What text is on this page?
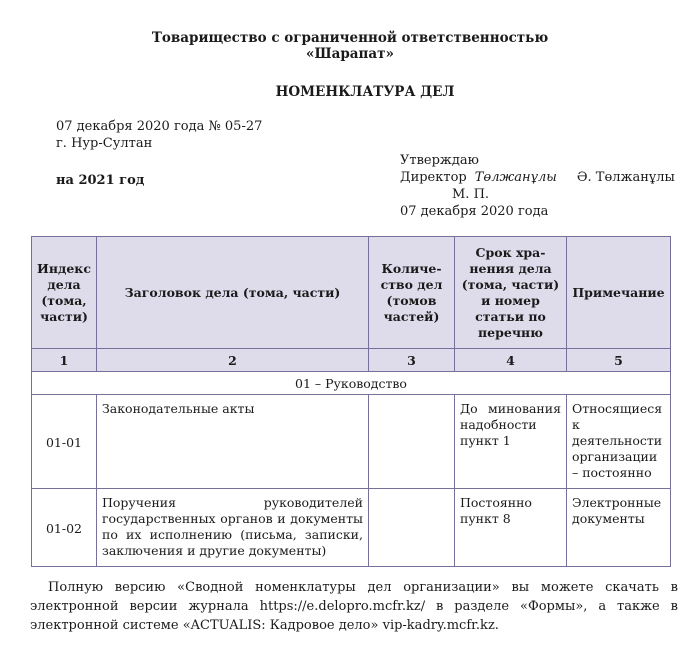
Товарищество с ограниченной ответственностью
«Шарапат»
НОМЕНКЛАТУРА ДЕЛ
07 декабря 2020 года № 05-27
г. Нур-Султан
на 2021 год
Утверждаю
Директор Төлжанұлы Ә. Төлжанұлы
М. П.
07 декабря 2020 года
Индекс дела (тома, части)	Заголовок дела (тома, части)	Количе-ство дел (томов частей)	Срок хра-нения дела (тома, части) и номер статьи по перечню	Примечание
1	2	3	4	5
01 – Руководство				
01-01	Законодательные акты		До минования надобности пункт 1	Относящиеся к деятельности организации – постоянно
01-02	Поручения руководителей государственных органов и документы по их исполнению (письма, записки, заключения и другие документы)		Постоянно пункт 8	Электронные документы
Полную версию «Сводной номенклатуры дел организации» вы можете скачать в электронной версии журнала https://e.delopro.mcfr.kz/ в разделе «Формы», а также в электронной системе «ACTUALIS: Кадровое дело» vip-kadry.mcfr.kz.
